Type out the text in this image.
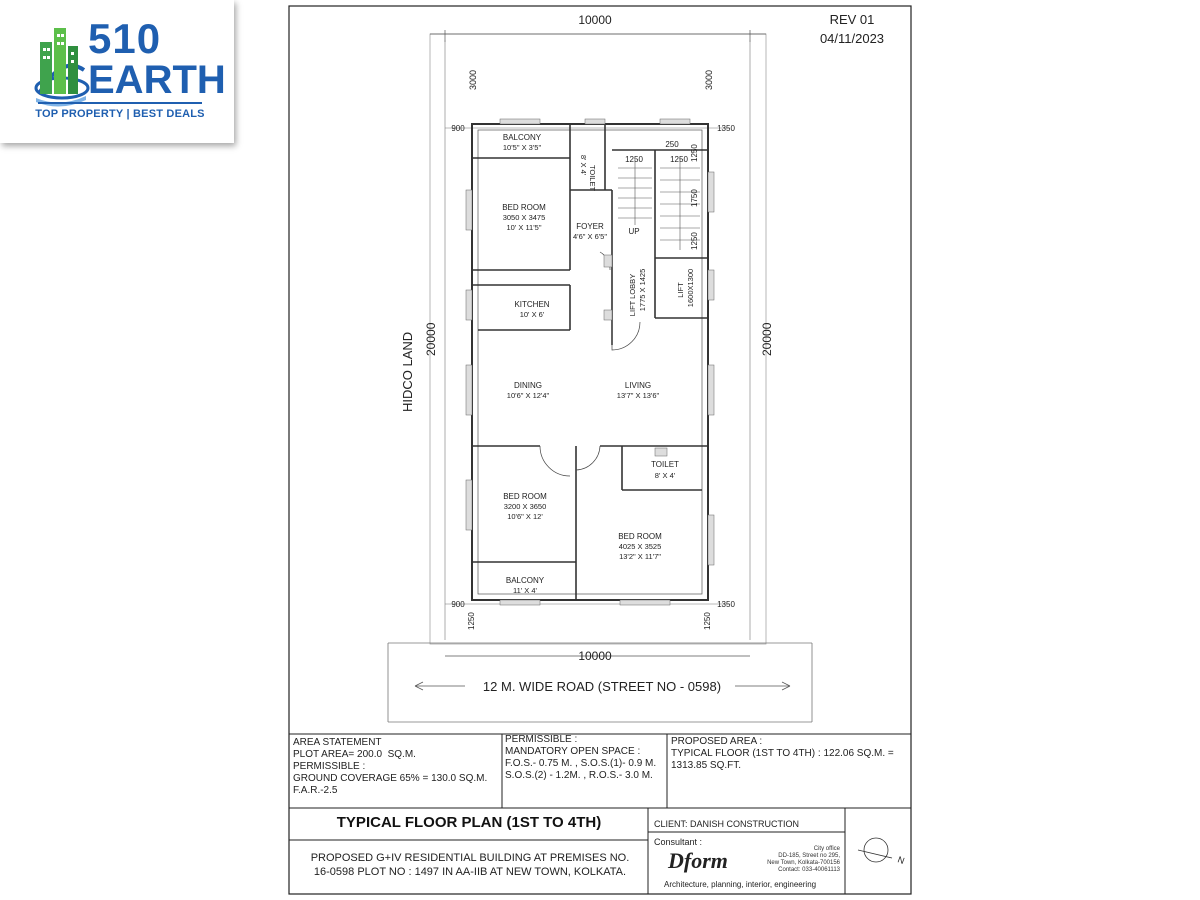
510
EARTH
TOP PROPERTY | BEST DEALS
10000	REV 01
04/11/2023
3000	3000
900	1350
900	1350
1250	1250
10000
20000	20000
HIDCO LAND
12 M. WIDE ROAD (STREET NO - 0598)
1250
250
1250 1250
1750
1250
BALCONY
10'5" X 3'5"
BED ROOM
3050 X 3475
10' X 11'5"
TOILET
8' X 4'
FOYER
4'6" X 6'5"
UP
KITCHEN
10' X 6'	LIFT LOBBY 1775 X 1425	LIFT 1600X1300
DINING
10'6" X 12'4"
LIVING
13'7" X 13'6"
TOILET
8' X 4'
BED ROOM
3200 X 3650
10'6" X 12'
BED ROOM
4025 X 3525
13'2" X 11'7"
BALCONY
11' X 4'
N
AREA STATEMENT
PLOT AREA= 200.0  SQ.M.
PERMISSIBLE :
GROUND COVERAGE 65% = 130.0 SQ.M.
F.A.R.-2.5
PERMISSIBLE :
MANDATORY OPEN SPACE :
F.O.S.- 0.75 M. , S.O.S.(1)- 0.9 M.
S.O.S.(2) - 1.2M. , R.O.S.- 3.0 M.
PROPOSED AREA :
TYPICAL FLOOR (1ST TO 4TH) : 122.06 SQ.M. =
1313.85 SQ.FT.
TYPICAL FLOOR PLAN (1ST TO 4TH)
PROPOSED G+IV RESIDENTIAL BUILDING AT PREMISES NO.
16-0598 PLOT NO : 1497 IN AA-IIB AT NEW TOWN, KOLKATA.
CLIENT: DANISH CONSTRUCTION
Consultant :
Dform
Architecture, planning, interior, engineering
City office
DD-185, Street no 295,
New Town, Kolkata-700156
Contact: 033-40061113
